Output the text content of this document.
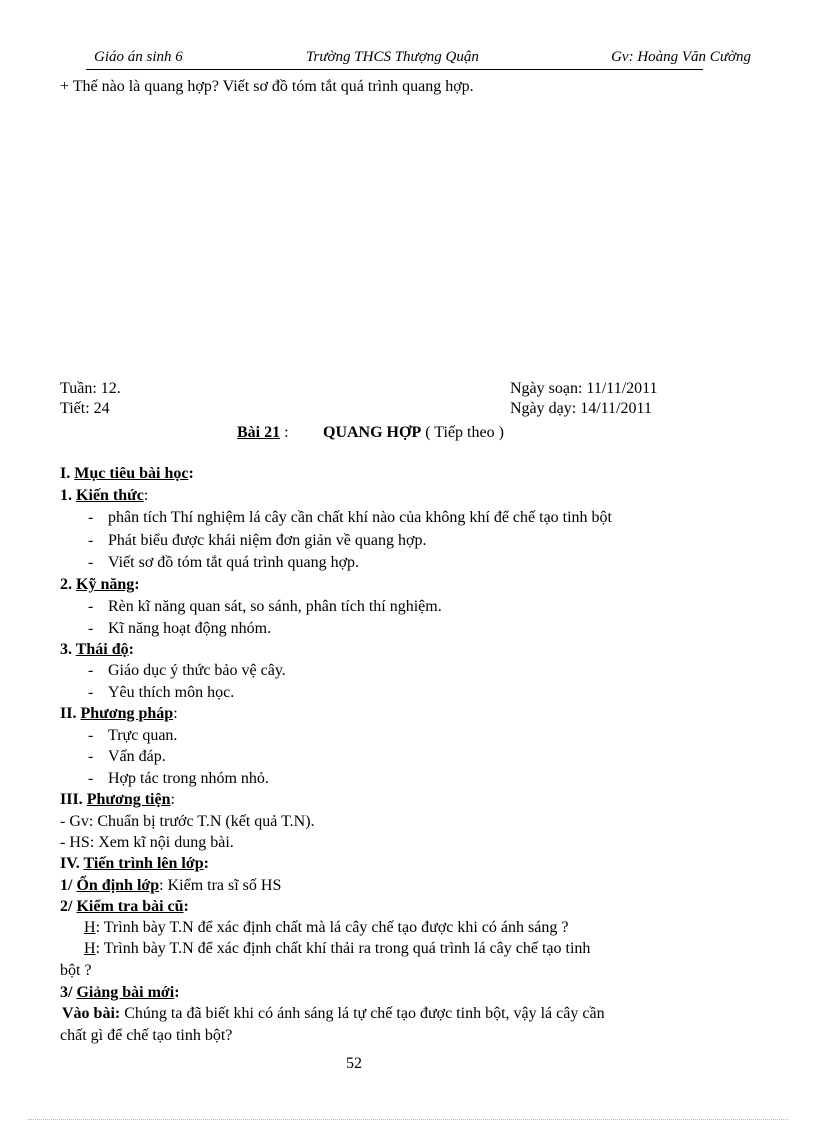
Giáo án sinh 6	Trường THCS Thượng Quận	Gv: Hoàng Văn Cường
+ Thế nào là quang hợp? Viết sơ đồ tóm tắt quá trình quang hợp.
Tuần: 12.
Tiết: 24
Ngày soạn: 11/11/2011
Ngày dạy: 14/11/2011
Bài 21 : QUANG HỢP ( Tiếp theo )
I. Mục tiêu bài học:
1. Kiến thức:
- phân tích Thí nghiệm lá cây cần chất khí nào của không khí để chế tạo tinh bột
- Phát biểu được khái niệm đơn giản về quang hợp.
- Viết sơ đồ tóm tắt quá trình quang hợp.
2. Kỹ năng:
- Rèn kĩ năng quan sát, so sánh, phân tích thí nghiệm.
- Kĩ năng hoạt động nhóm.
3. Thái độ:
- Giáo dục ý thức bảo vệ cây.
- Yêu thích môn học.
II. Phương pháp:
- Trực quan.
- Vấn đáp.
- Hợp tác trong nhóm nhỏ.
III. Phương tiện:
- Gv: Chuẩn bị trước T.N (kết quả T.N).
- HS: Xem kĩ nội dung bài.
IV. Tiến trình lên lớp:
1/ Ổn định lớp: Kiểm tra sĩ số HS
2/ Kiểm tra bài cũ:
H: Trình bày T.N để xác định chất mà lá cây chế tạo được khi có ánh sáng ?
H: Trình bày T.N để xác định chất khí thải ra trong quá trình lá cây chế tạo tinh
bột ?
3/ Giảng bài mới:
Vào bài: Chúng ta đã biết khi có ánh sáng lá tự chế tạo được tinh bột, vậy lá cây cần
chất gì để chế tạo tinh bột?
52
